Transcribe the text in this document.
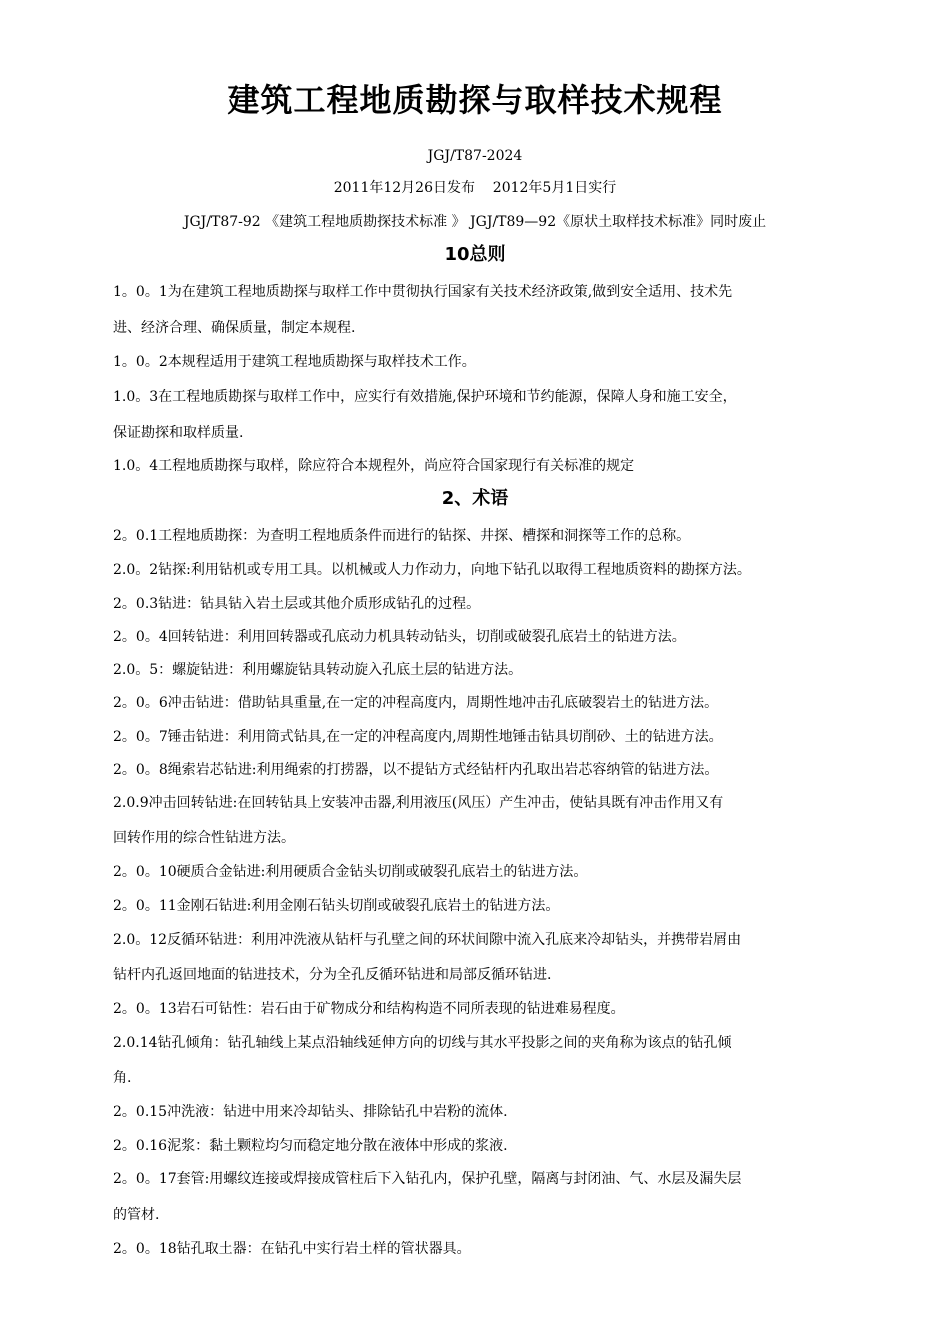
建筑工程地质勘探与取样技术规程
JGJ/T87-2024
2011年12月26日发布    2012年5月1日实行
JGJ/T87-92 《建筑工程地质勘探技术标准 》 JGJ/T89—92《原状土取样技术标准》同时废止
10总则
1。0。1为在建筑工程地质勘探与取样工作中贯彻执行国家有关技术经济政策,做到安全适用、技术先
进、经济合理、确保质量，制定本规程.
1。0。2本规程适用于建筑工程地质勘探与取样技术工作。
1.0。3在工程地质勘探与取样工作中，应实行有效措施,保护环境和节约能源，保障人身和施工安全，
保证勘探和取样质量.
1.0。4工程地质勘探与取样，除应符合本规程外，尚应符合国家现行有关标准的规定
2、术语
2。0.1工程地质勘探：为查明工程地质条件而进行的钻探、井探、槽探和洞探等工作的总称。
2.0。2钻探:利用钻机或专用工具。以机械或人力作动力，向地下钻孔以取得工程地质资料的勘探方法。
2。0.3钻进：钻具钻入岩土层或其他介质形成钻孔的过程。
2。0。4回转钻进：利用回转器或孔底动力机具转动钻头，切削或破裂孔底岩土的钻进方法。
2.0。5：螺旋钻进：利用螺旋钻具转动旋入孔底土层的钻进方法。
2。0。6冲击钻进：借助钻具重量,在一定的冲程高度内，周期性地冲击孔底破裂岩土的钻进方法。
2。0。7锤击钻进：利用筒式钻具,在一定的冲程高度内,周期性地锤击钻具切削砂、土的钻进方法。
2。0。8绳索岩芯钻进:利用绳索的打捞器，以不提钻方式经钻杆内孔取出岩芯容纳管的钻进方法。
2.0.9冲击回转钻进:在回转钻具上安装冲击器,利用液压(风压）产生冲击，使钻具既有冲击作用又有
回转作用的综合性钻进方法。
2。0。10硬质合金钻进:利用硬质合金钻头切削或破裂孔底岩土的钻进方法。
2。0。11金刚石钻进:利用金刚石钻头切削或破裂孔底岩土的钻进方法。
2.0。12反循环钻进：利用冲洗液从钻杆与孔壁之间的环状间隙中流入孔底来冷却钻头，并携带岩屑由
钻杆内孔返回地面的钻进技术，分为全孔反循环钻进和局部反循环钻进.
2。0。13岩石可钻性：岩石由于矿物成分和结构构造不同所表现的钻进难易程度。
2.0.14钻孔倾角：钻孔轴线上某点沿轴线延伸方向的切线与其水平投影之间的夹角称为该点的钻孔倾
角.
2。0.15冲洗液：钻进中用来冷却钻头、排除钻孔中岩粉的流体.
2。0.16泥浆：黏土颗粒均匀而稳定地分散在液体中形成的浆液.
2。0。17套管:用螺纹连接或焊接成管柱后下入钻孔内，保护孔壁，隔离与封闭油、气、水层及漏失层
的管材.
2。0。18钻孔取土器：在钻孔中实行岩土样的管状器具。
